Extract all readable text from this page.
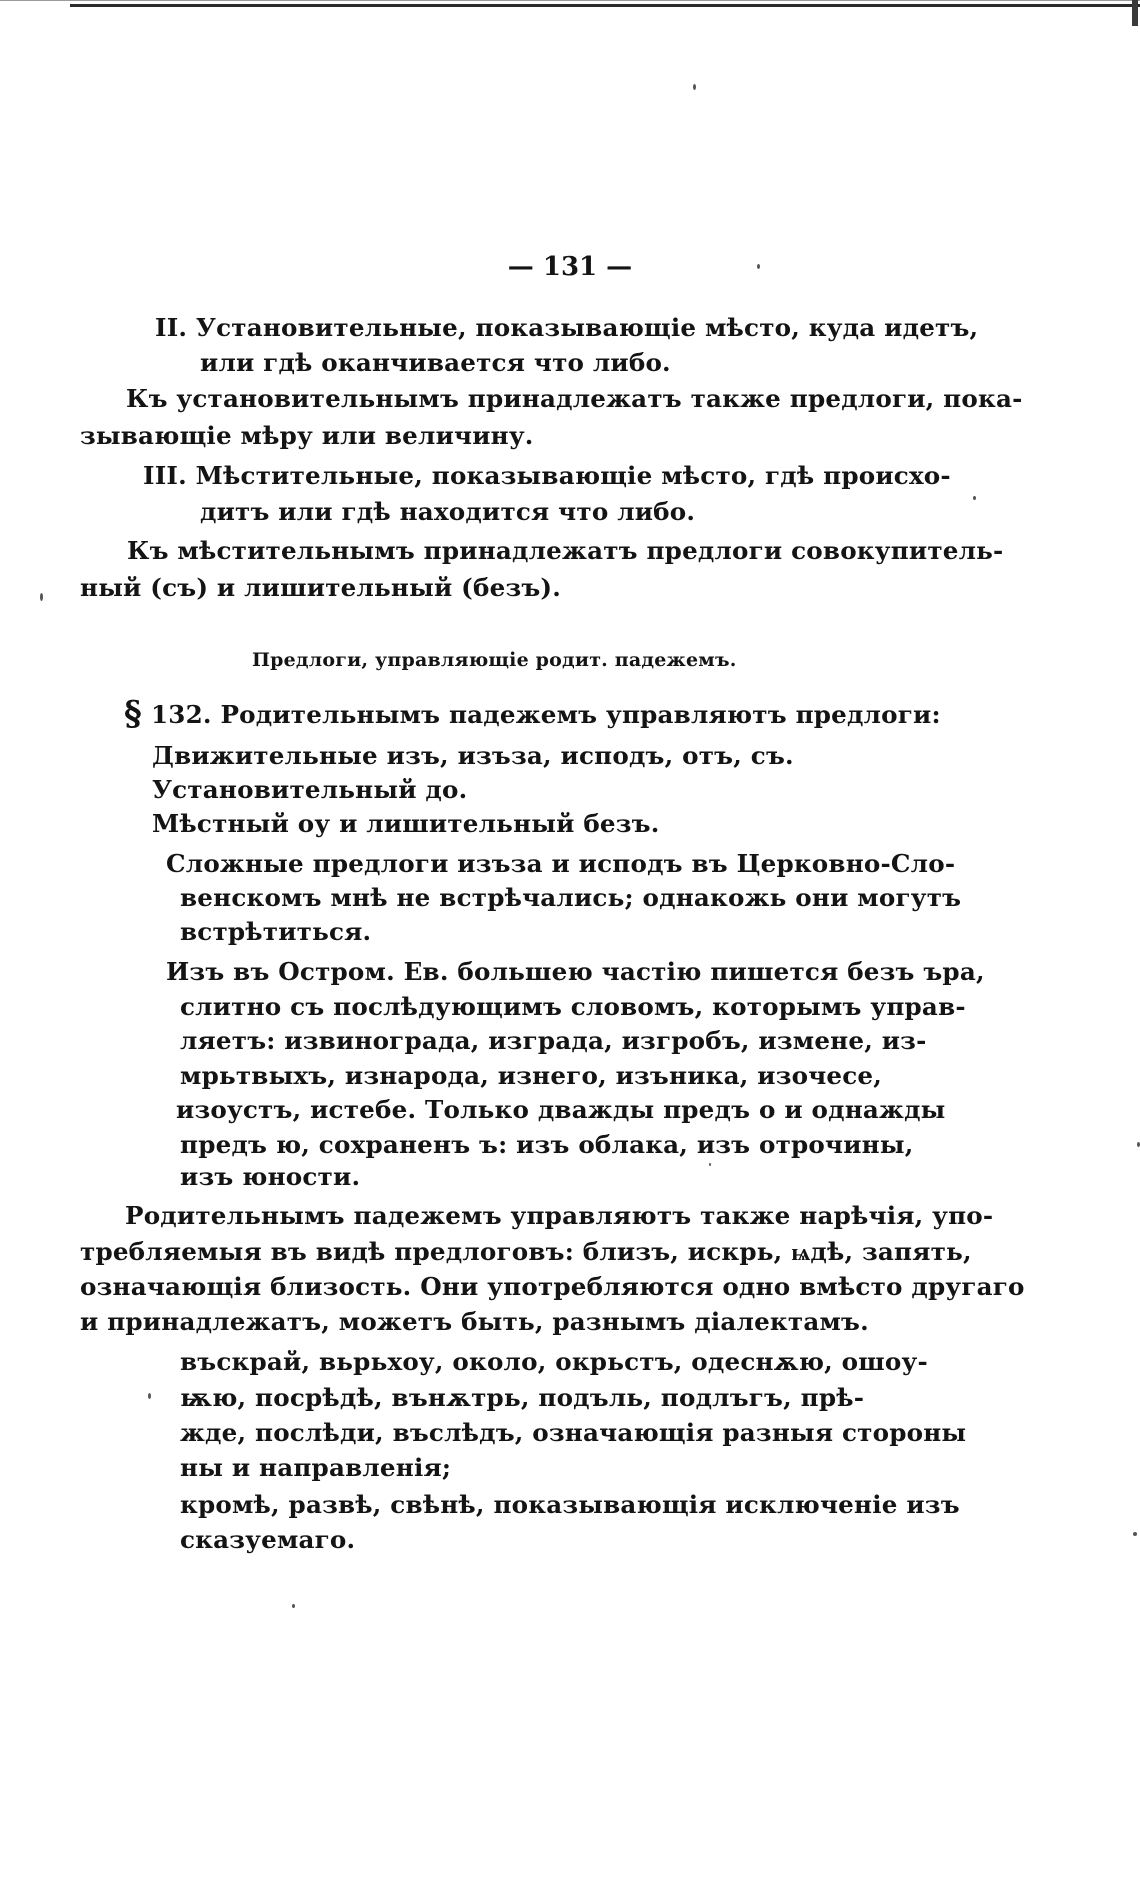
— 131 —
II. Установительные, показывающіе мѣсто, куда идетъ,
или гдѣ оканчивается что либо.
Къ установительнымъ принадлежатъ также предлоги, пока-
зывающіе мѣру или величину.
III. Мѣстительные, показывающіе мѣсто, гдѣ происхо-
дитъ или гдѣ находится что либо.
Къ мѣстительнымъ принадлежатъ предлоги совокупитель-
ный (съ) и лишительный (безъ).
Предлоги, управляющіе родит. падежемъ.
§ 132. Родительнымъ падежемъ управляютъ предлоги:
Движительные изъ, изъза, исподъ, отъ, съ.
Установительный до.
Мѣстный оу и лишительный безъ.
Сложные предлоги изъза и исподъ въ Церковно-Сло-
венскомъ мнѣ не встрѣчались; однакожь они могутъ
встрѣтиться.
Изъ въ Остром. Ев. большею частію пишется безъ ъра,
слитно съ послѣдующимъ словомъ, которымъ управ-
ляетъ: извинограда, изграда, изгробъ, измене, из-
мрьтвыхъ, изнарода, изнего, изъника, изочесе,
изоустъ, истебе. Только дважды предъ о и однажды
предъ ю, сохраненъ ъ: изъ облака, изъ отрочины,
изъ юности.
Родительнымъ падежемъ управляютъ также нарѣчія, упо-
требляемыя въ видѣ предлоговъ: близъ, искрь, ѩдѣ, запять,
означающія близость. Они употребляются одно вмѣсто другаго
и принадлежатъ, можетъ быть, разнымъ діалектамъ.
въскрай, вьрьхоу, около, окрьстъ, одеснѫю, ошоу-
ѭю, посрѣдѣ, вънѫтрь, подъль, подлъгъ, прѣ-
жде, послѣди, въслѣдъ, означающія разныя стороны
ны и направленія;
кромѣ, развѣ, свѣнѣ, показывающія исключеніе изъ
сказуемаго.
